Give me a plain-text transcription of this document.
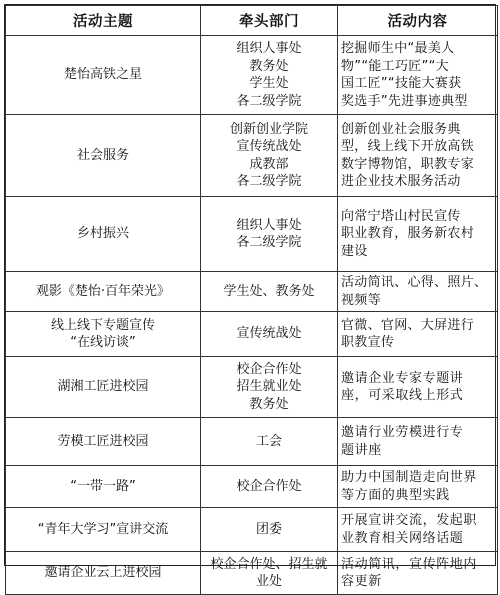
活动主题	牵头部门	活动内容

楚怡高铁之星	组织人事处
教务处
学生处
各二级学院	挖掘师生中“最美人
物”“能工巧匠”“大
国工匠”“技能大赛获
奖选手”先进事迹典型

社会服务	创新创业学院
宣传统战处
成教部
各二级学院	创新创业社会服务典
型，线上线下开放高铁
数字博物馆，职教专家
进企业技术服务活动

乡村振兴	组织人事处
各二级学院	向常宁塔山村民宣传
职业教育，服务新农村
建设

观影《楚怡·百年荣光》	学生处、教务处	活动简讯、心得、照片、
视频等

线上线下专题宣传
“在线访谈”	宣传统战处	官微、官网、大屏进行
职教宣传

湖湘工匠进校园	校企合作处
招生就业处
教务处	邀请企业专家专题讲
座，可采取线上形式

劳模工匠进校园	工会	邀请行业劳模进行专
题讲座

“一带一路”	校企合作处	助力中国制造走向世界
等方面的典型实践

“青年大学习”宣讲交流	团委	开展宣讲交流，发起职
业教育相关网络话题

邀请企业云上进校园	校企合作处、招生就
业处	活动简讯，宣传阵地内
容更新
